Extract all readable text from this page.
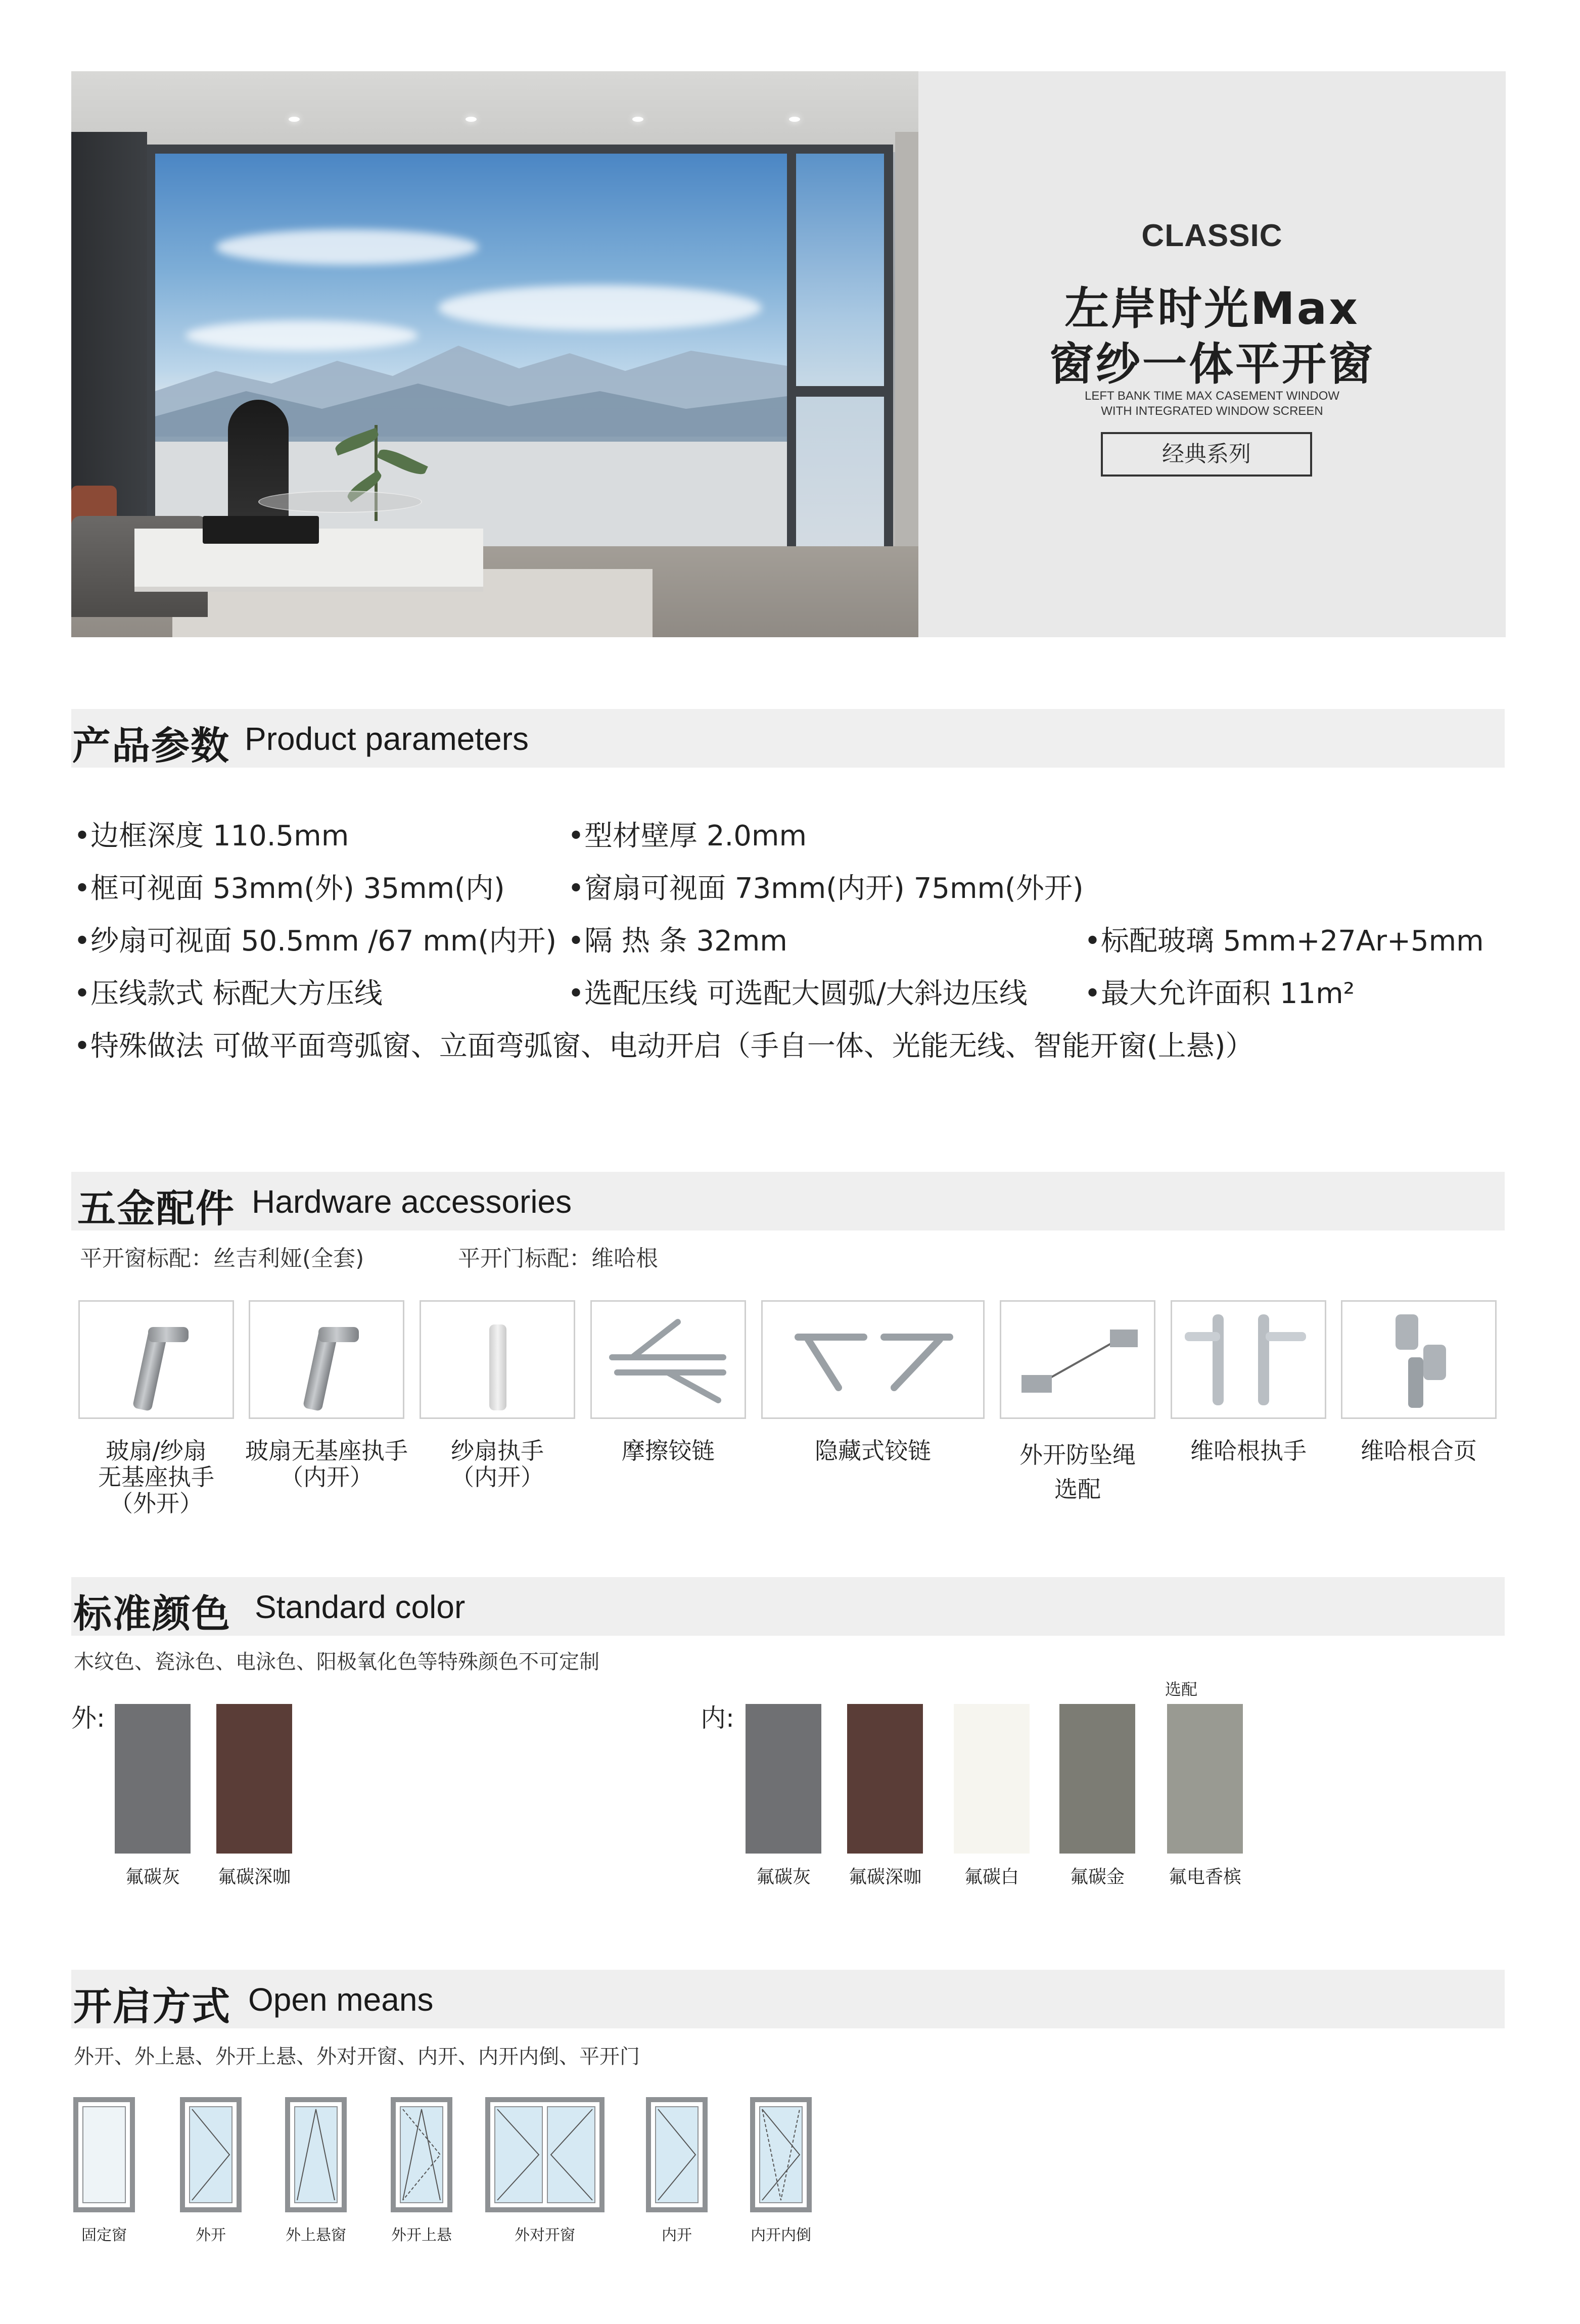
CLASSIC
左岸时光Max
窗纱一体平开窗
LEFT BANK TIME MAX CASEMENT WINDOW
WITH INTEGRATED WINDOW SCREEN
经典系列
产品参数 Product parameters
•边框深度 110.5mm	•型材壁厚 2.0mm
•框可视面 53mm(外) 35mm(内) •窗扇可视面 73mm(内开) 75mm(外开)
•纱扇可视面 50.5mm /67 mm(内开) •隔 热 条 32mm	•标配玻璃 5mm+27Ar+5mm
•压线款式 标配大方压线	•选配压线 可选配大圆弧/大斜边压线 •最大允许面积 11m²
•特殊做法 可做平面弯弧窗、立面弯弧窗、电动开启（手自一体、光能无线、智能开窗(上悬)）
五金配件 Hardware accessories
平开窗标配：丝吉利娅(全套)	平开门标配：维哈根
玻扇/纱扇
无基座执手
（外开）
玻扇无基座执手
（内开）
纱扇执手
（内开）
摩擦铰链	隐藏式铰链	外开防坠绳
选配
维哈根执手	维哈根合页
标准颜色 Standard color
木纹色、瓷泳色、电泳色、阳极氧化色等特殊颜色不可定制
外:	内:
选配
氟碳灰	氟碳深咖	氟碳灰	氟碳深咖	氟碳白	氟碳金	氟电香槟
开启方式 Open means
外开、外上悬、外开上悬、外对开窗、内开、内开内倒、平开门
固定窗	外开	外上悬窗	外开上悬	外对开窗	内开	内开内倒
